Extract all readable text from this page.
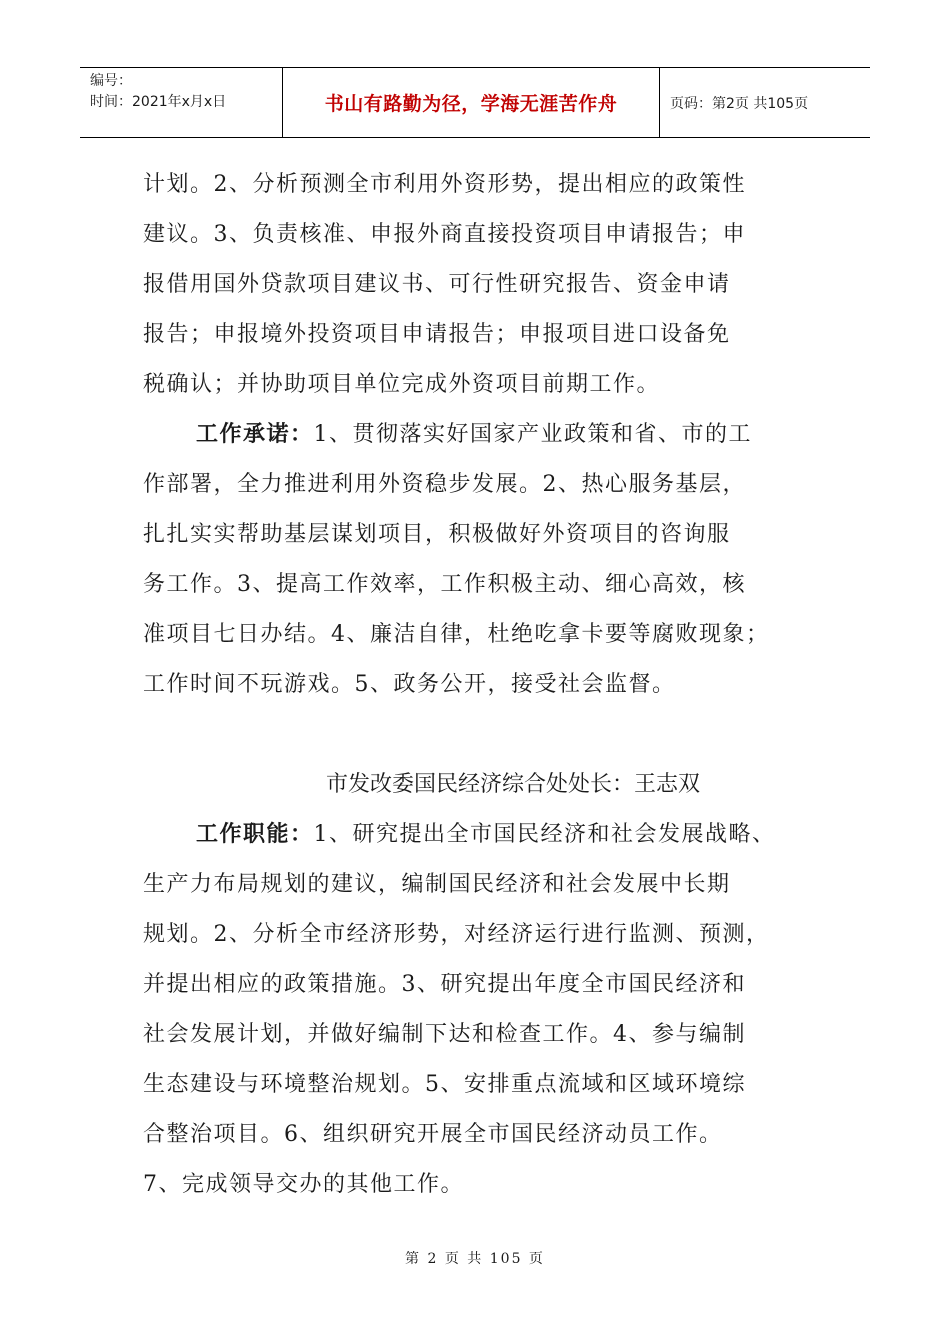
编号：
时间：2021年x月x日	书山有路勤为径，学海无涯苦作舟	页码：第2页 共105页

计划。2、分析预测全市利用外资形势，提出相应的政策性

建议。3、负责核准、申报外商直接投资项目申请报告；申

报借用国外贷款项目建议书、可行性研究报告、资金申请

报告；申报境外投资项目申请报告；申报项目进口设备免

税确认；并协助项目单位完成外资项目前期工作。

工作承诺：1、贯彻落实好国家产业政策和省、市的工

作部署，全力推进利用外资稳步发展。2、热心服务基层，

扎扎实实帮助基层谋划项目，积极做好外资项目的咨询服

务工作。3、提高工作效率，工作积极主动、细心高效，核

准项目七日办结。4、廉洁自律，杜绝吃拿卡要等腐败现象；

工作时间不玩游戏。5、政务公开，接受社会监督。

市发改委国民经济综合处处长：王志双

工作职能：1、研究提出全市国民经济和社会发展战略、

生产力布局规划的建议，编制国民经济和社会发展中长期

规划。2、分析全市经济形势，对经济运行进行监测、预测，

并提出相应的政策措施。3、研究提出年度全市国民经济和

社会发展计划，并做好编制下达和检查工作。4、参与编制

生态建设与环境整治规划。5、安排重点流域和区域环境综

合整治项目。6、组织研究开展全市国民经济动员工作。

7、完成领导交办的其他工作。

第 2 页 共 105 页
